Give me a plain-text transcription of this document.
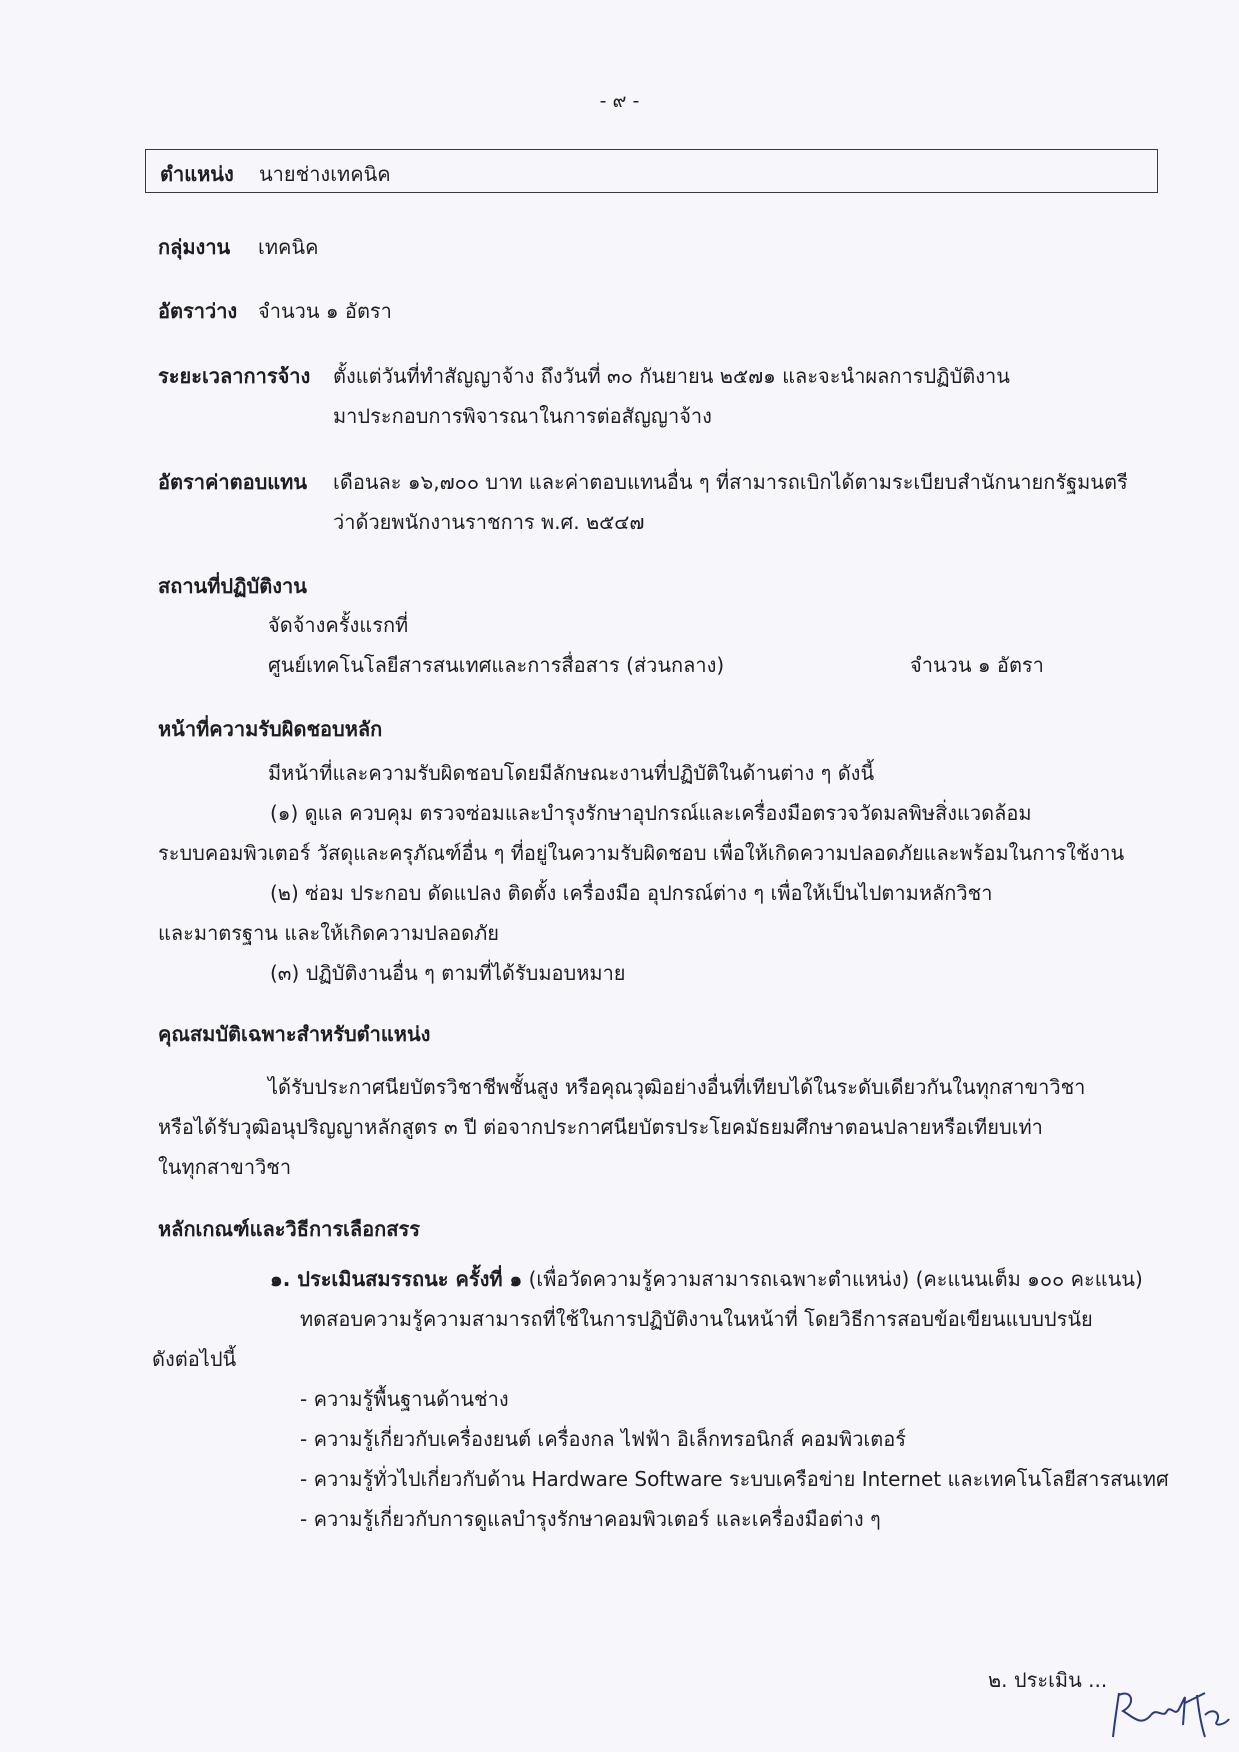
- ๙ -
ตำแหน่ง นายช่างเทคนิค
กลุ่มงาน เทคนิค
อัตราว่าง จำนวน ๑ อัตรา
ระยะเวลาการจ้าง ตั้งแต่วันที่ทำสัญญาจ้าง ถึงวันที่ ๓๐ กันยายน ๒๕๗๑ และจะนำผลการปฏิบัติงาน
มาประกอบการพิจารณาในการต่อสัญญาจ้าง
อัตราค่าตอบแทน เดือนละ ๑๖,๗๐๐ บาท และค่าตอบแทนอื่น ๆ ที่สามารถเบิกได้ตามระเบียบสำนักนายกรัฐมนตรี
ว่าด้วยพนักงานราชการ พ.ศ. ๒๕๔๗
สถานที่ปฏิบัติงาน
จัดจ้างครั้งแรกที่
ศูนย์เทคโนโลยีสารสนเทศและการสื่อสาร (ส่วนกลาง)	จำนวน ๑ อัตรา
หน้าที่ความรับผิดชอบหลัก
มีหน้าที่และความรับผิดชอบโดยมีลักษณะงานที่ปฏิบัติในด้านต่าง ๆ ดังนี้
(๑) ดูแล ควบคุม ตรวจซ่อมและบำรุงรักษาอุปกรณ์และเครื่องมือตรวจวัดมลพิษสิ่งแวดล้อม
ระบบคอมพิวเตอร์ วัสดุและครุภัณฑ์อื่น ๆ ที่อยู่ในความรับผิดชอบ เพื่อให้เกิดความปลอดภัยและพร้อมในการใช้งาน
(๒) ซ่อม ประกอบ ดัดแปลง ติดตั้ง เครื่องมือ อุปกรณ์ต่าง ๆ เพื่อให้เป็นไปตามหลักวิชา
และมาตรฐาน และให้เกิดความปลอดภัย
(๓) ปฏิบัติงานอื่น ๆ ตามที่ได้รับมอบหมาย
คุณสมบัติเฉพาะสำหรับตำแหน่ง
ได้รับประกาศนียบัตรวิชาชีพชั้นสูง หรือคุณวุฒิอย่างอื่นที่เทียบได้ในระดับเดียวกันในทุกสาขาวิชา
หรือได้รับวุฒิอนุปริญญาหลักสูตร ๓ ปี ต่อจากประกาศนียบัตรประโยคมัธยมศึกษาตอนปลายหรือเทียบเท่า
ในทุกสาขาวิชา
หลักเกณฑ์และวิธีการเลือกสรร
๑. ประเมินสมรรถนะ ครั้งที่ ๑ (เพื่อวัดความรู้ความสามารถเฉพาะตำแหน่ง) (คะแนนเต็ม ๑๐๐ คะแนน)
ทดสอบความรู้ความสามารถที่ใช้ในการปฏิบัติงานในหน้าที่ โดยวิธีการสอบข้อเขียนแบบปรนัย
ดังต่อไปนี้
- ความรู้พื้นฐานด้านช่าง
- ความรู้เกี่ยวกับเครื่องยนต์ เครื่องกล ไฟฟ้า อิเล็กทรอนิกส์ คอมพิวเตอร์
- ความรู้ทั่วไปเกี่ยวกับด้าน Hardware Software ระบบเครือข่าย Internet และเทคโนโลยีสารสนเทศ
- ความรู้เกี่ยวกับการดูแลบำรุงรักษาคอมพิวเตอร์ และเครื่องมือต่าง ๆ
๒. ประเมิน ...
